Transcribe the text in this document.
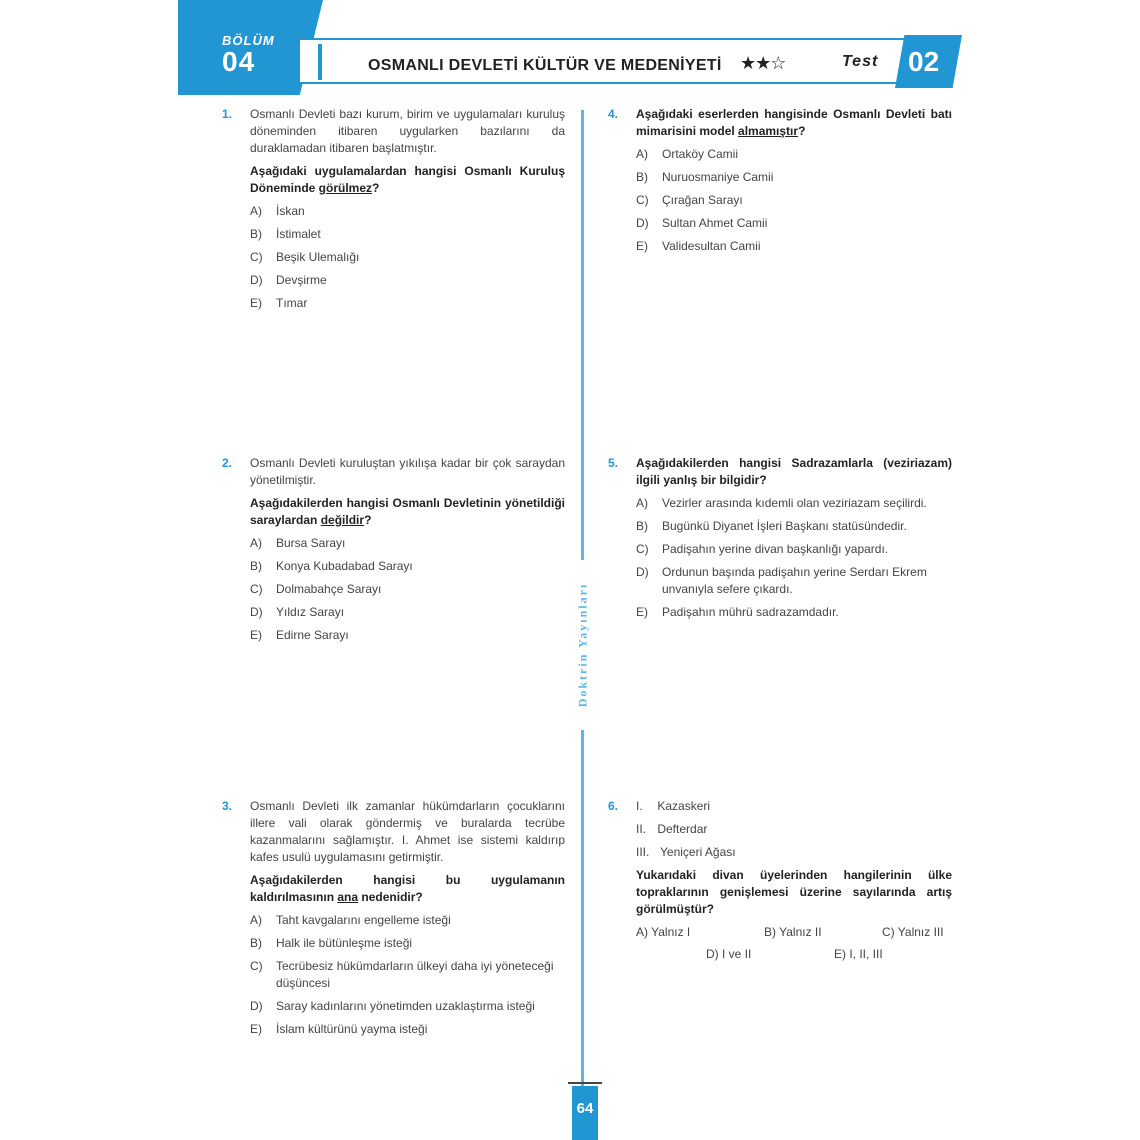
BÖLÜM
04	OSMANLI DEVLETİ KÜLTÜR VE MEDENİYETİ ★★☆	Test 02
Doktrin Yayınları
64
1. Osmanlı Devleti bazı kurum, birim ve uygulamaları kuruluş döneminden itibaren uygularken bazılarını da duraklamadan itibaren başlatmıştır.

Aşağıdaki uygulamalardan hangisi Osmanlı Kuruluş Döneminde görülmez?

A) İskan
B) İstimalet
C) Beşik Ulemalığı
D) Devşirme
E) Tımar
2. Osmanlı Devleti kuruluştan yıkılışa kadar bir çok saraydan yönetilmiştir.

Aşağıdakilerden hangisi Osmanlı Devletinin yönetildiği saraylardan değildir?

A) Bursa Sarayı
B) Konya Kubadabad Sarayı
C) Dolmabahçe Sarayı
D) Yıldız Sarayı
E) Edirne Sarayı
3. Osmanlı Devleti ilk zamanlar hükümdarların çocuklarını illere vali olarak göndermiş ve buralarda tecrübe kazanmalarını sağlamıştır. I. Ahmet ise sistemi kaldırıp kafes usulü uygulamasını getirmiştir.

Aşağıdakilerden hangisi bu uygulamanın kaldırılmasının ana nedenidir?

A) Taht kavgalarını engelleme isteği
B) Halk ile bütünleşme isteği
C) Tecrübesiz hükümdarların ülkeyi daha iyi yöneteceği düşüncesi
D) Saray kadınlarını yönetimden uzaklaştırma isteği
E) İslam kültürünü yayma isteği
4. Aşağıdaki eserlerden hangisinde Osmanlı Devleti batı mimarisini model almamıştır?

A) Ortaköy Camii
B) Nuruosmaniye Camii
C) Çırağan Sarayı
D) Sultan Ahmet Camii
E) Validesultan Camii
5. Aşağıdakilerden hangisi Sadrazamlarla (veziriazam) ilgili yanlış bir bilgidir?

A) Vezirler arasında kıdemli olan veziriazam seçilirdi.
B) Bugünkü Diyanet İşleri Başkanı statüsündedir.
C) Padişahın yerine divan başkanlığı yapardı.
D) Ordunun başında padişahın yerine Serdarı Ekrem unvanıyla sefere çıkardı.
E) Padişahın mührü sadrazamdadır.
6. I. Kazaskeri
II. Defterdar
III. Yeniçeri Ağası

Yukarıdaki divan üyelerinden hangilerinin ülke topraklarının genişlemesi üzerine sayılarında artış görülmüştür?

A) Yalnız I	B) Yalnız II	C) Yalnız III
D) I ve II	E) I, II, III
